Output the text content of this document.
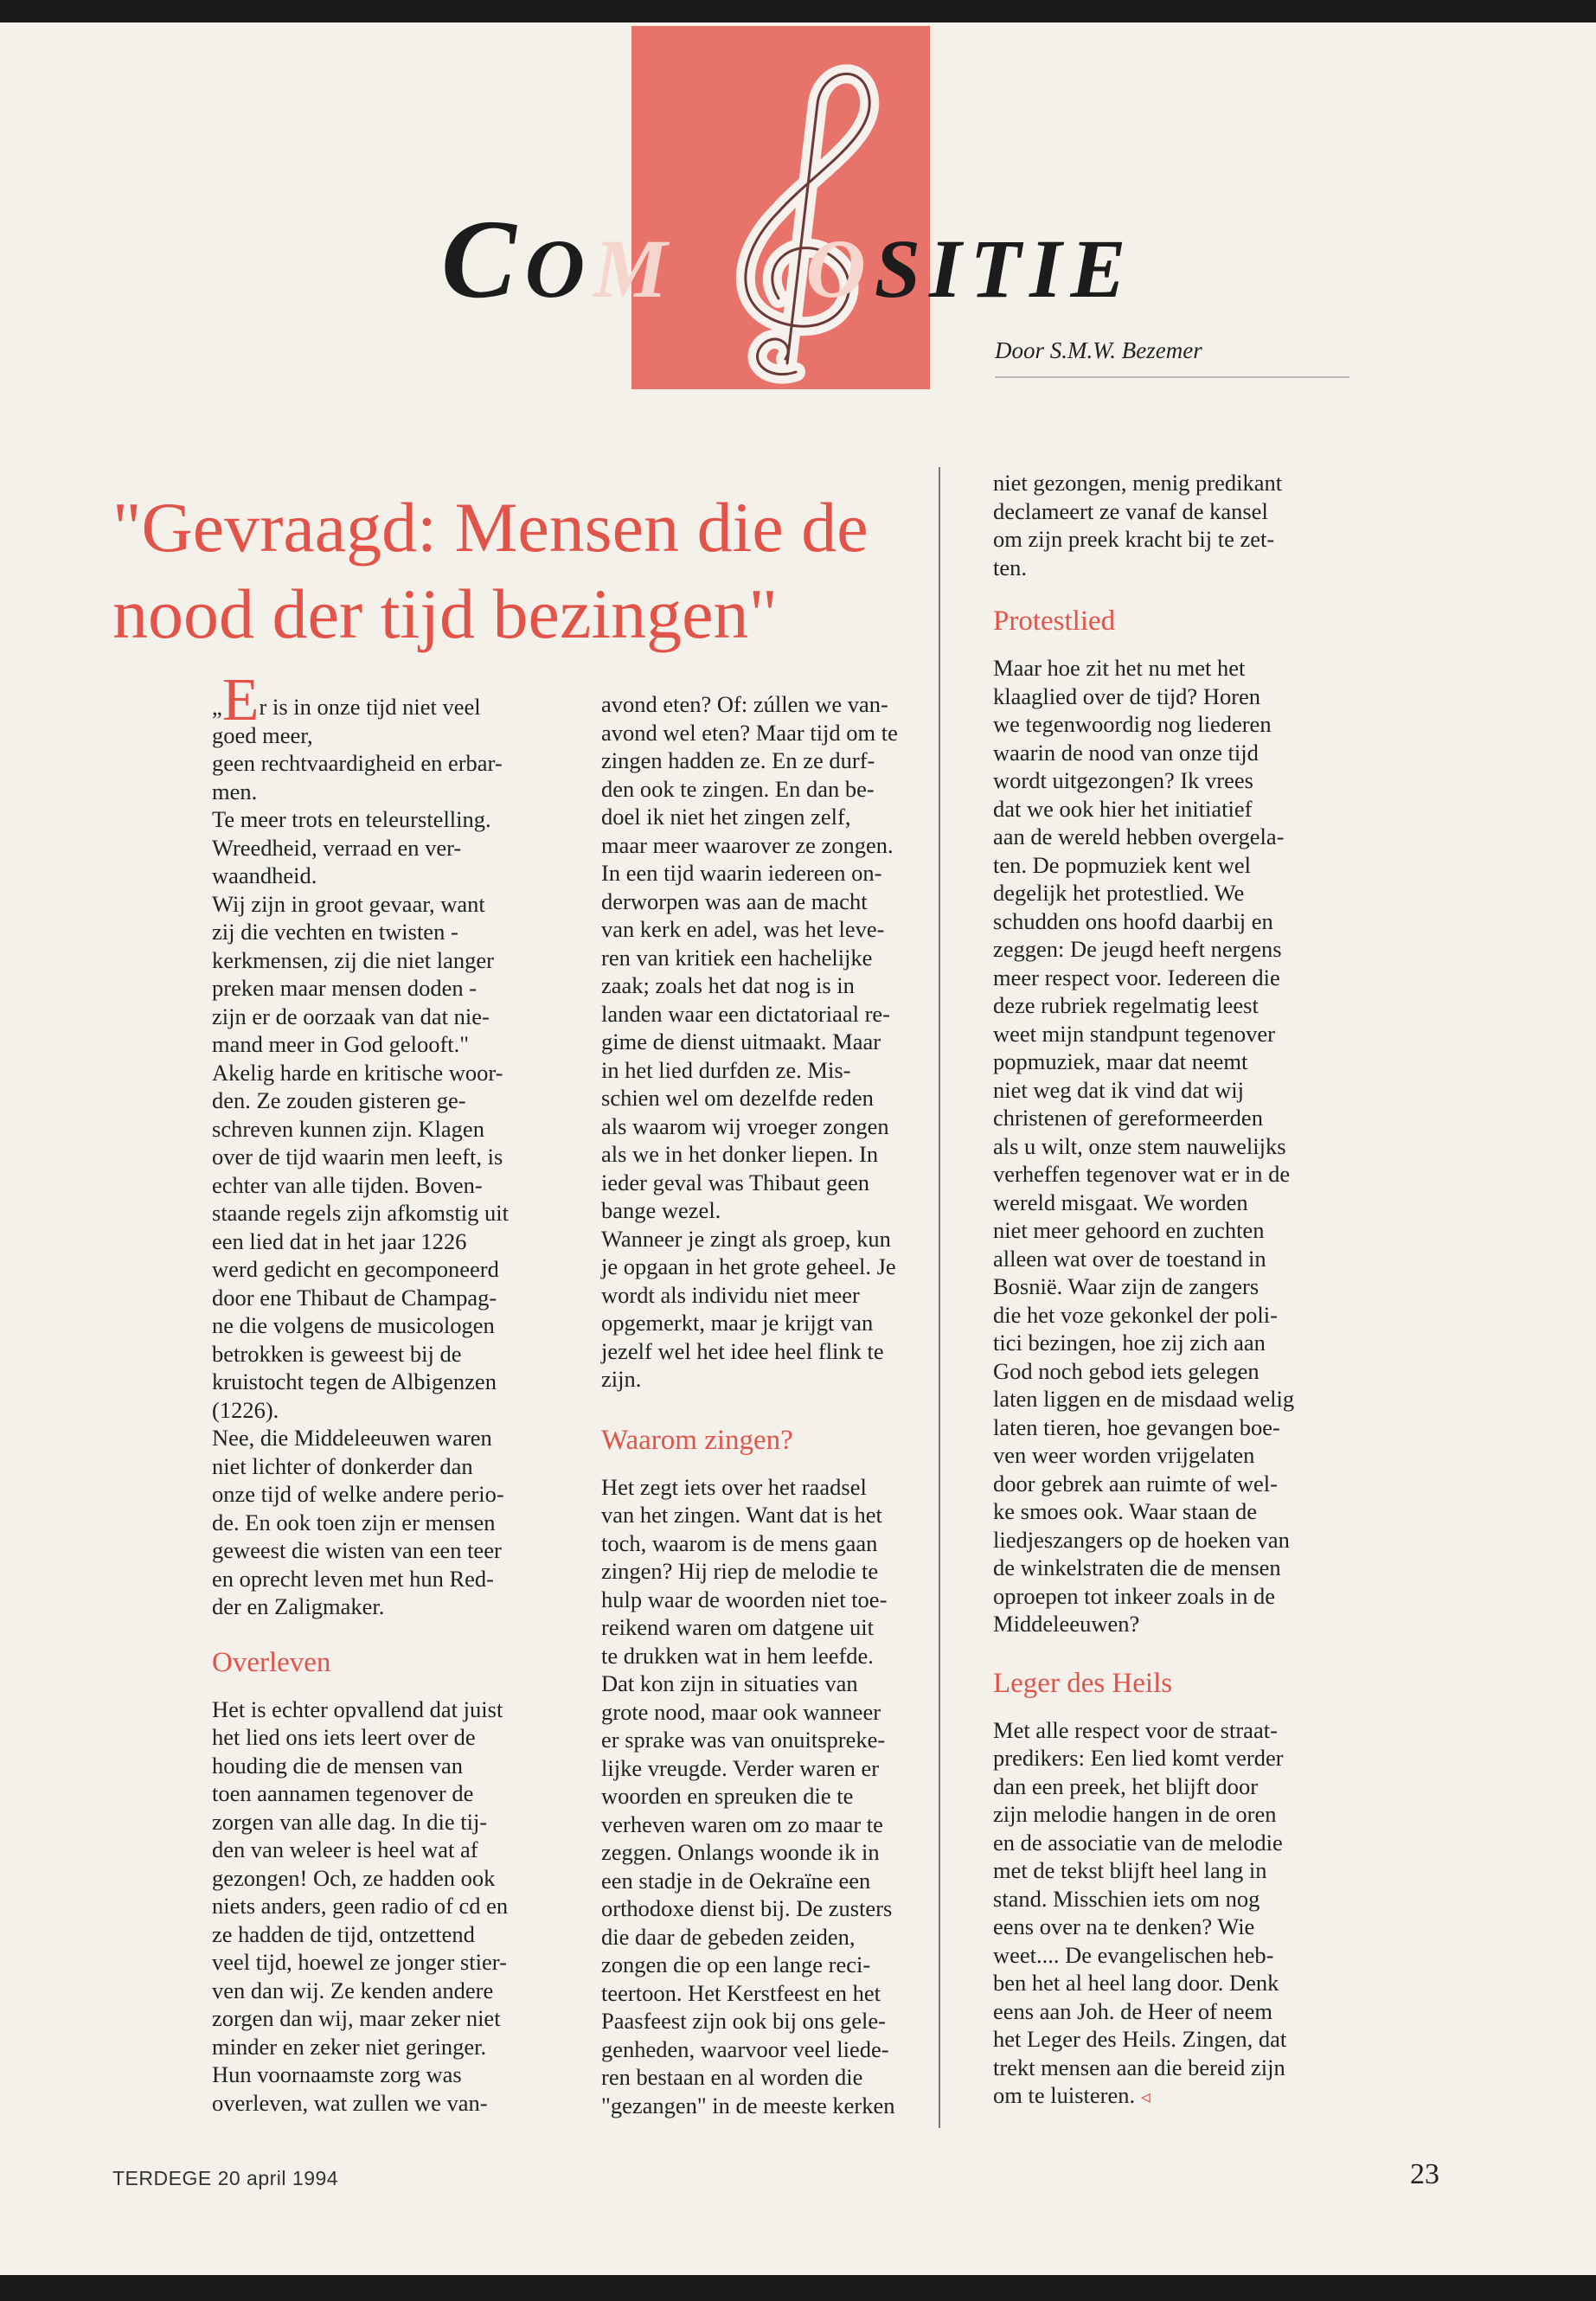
COM OSITIE
Door S.M.W. Bezemer
"Gevraagd: Mensen die de nood der tijd bezingen"

„Er is in onze tijd niet veel
goed meer,
geen rechtvaardigheid en erbar-
men.
Te meer trots en teleurstelling.
Wreedheid, verraad en ver-
waandheid.
Wij zijn in groot gevaar, want
zij die vechten en twisten -
kerkmensen, zij die niet langer
preken maar mensen doden -
zijn er de oorzaak van dat nie-
mand meer in God gelooft."
Akelig harde en kritische woor-
den. Ze zouden gisteren ge-
schreven kunnen zijn. Klagen
over de tijd waarin men leeft, is
echter van alle tijden. Boven-
staande regels zijn afkomstig uit
een lied dat in het jaar 1226
werd gedicht en gecomponeerd
door ene Thibaut de Champag-
ne die volgens de musicologen
betrokken is geweest bij de
kruistocht tegen de Albigenzen
(1226).
Nee, die Middeleeuwen waren
niet lichter of donkerder dan
onze tijd of welke andere perio-
de. En ook toen zijn er mensen
geweest die wisten van een teer
en oprecht leven met hun Red-
der en Zaligmaker.

Overleven

Het is echter opvallend dat juist
het lied ons iets leert over de
houding die de mensen van
toen aannamen tegenover de
zorgen van alle dag. In die tij-
den van weleer is heel wat af
gezongen! Och, ze hadden ook
niets anders, geen radio of cd en
ze hadden de tijd, ontzettend
veel tijd, hoewel ze jonger stier-
ven dan wij. Ze kenden andere
zorgen dan wij, maar zeker niet
minder en zeker niet geringer.
Hun voornaamste zorg was
overleven, wat zullen we van-

avond eten? Of: zúllen we van-
avond wel eten? Maar tijd om te
zingen hadden ze. En ze durf-
den ook te zingen. En dan be-
doel ik niet het zingen zelf,
maar meer waarover ze zongen.
In een tijd waarin iedereen on-
derworpen was aan de macht
van kerk en adel, was het leve-
ren van kritiek een hachelijke
zaak; zoals het dat nog is in
landen waar een dictatoriaal re-
gime de dienst uitmaakt. Maar
in het lied durfden ze. Mis-
schien wel om dezelfde reden
als waarom wij vroeger zongen
als we in het donker liepen. In
ieder geval was Thibaut geen
bange wezel.
Wanneer je zingt als groep, kun
je opgaan in het grote geheel. Je
wordt als individu niet meer
opgemerkt, maar je krijgt van
jezelf wel het idee heel flink te
zijn.

Waarom zingen?

Het zegt iets over het raadsel
van het zingen. Want dat is het
toch, waarom is de mens gaan
zingen? Hij riep de melodie te
hulp waar de woorden niet toe-
reikend waren om datgene uit
te drukken wat in hem leefde.
Dat kon zijn in situaties van
grote nood, maar ook wanneer
er sprake was van onuitspreke-
lijke vreugde. Verder waren er
woorden en spreuken die te
verheven waren om zo maar te
zeggen. Onlangs woonde ik in
een stadje in de Oekraïne een
orthodoxe dienst bij. De zusters
die daar de gebeden zeiden,
zongen die op een lange reci-
teertoon. Het Kerstfeest en het
Paasfeest zijn ook bij ons gele-
genheden, waarvoor veel liede-
ren bestaan en al worden die
"gezangen" in de meeste kerken

niet gezongen, menig predikant
declameert ze vanaf de kansel
om zijn preek kracht bij te zet-
ten.

Protestlied

Maar hoe zit het nu met het
klaaglied over de tijd? Horen
we tegenwoordig nog liederen
waarin de nood van onze tijd
wordt uitgezongen? Ik vrees
dat we ook hier het initiatief
aan de wereld hebben overgela-
ten. De popmuziek kent wel
degelijk het protestlied. We
schudden ons hoofd daarbij en
zeggen: De jeugd heeft nergens
meer respect voor. Iedereen die
deze rubriek regelmatig leest
weet mijn standpunt tegenover
popmuziek, maar dat neemt
niet weg dat ik vind dat wij
christenen of gereformeerden
als u wilt, onze stem nauwelijks
verheffen tegenover wat er in de
wereld misgaat. We worden
niet meer gehoord en zuchten
alleen wat over de toestand in
Bosnië. Waar zijn de zangers
die het voze gekonkel der poli-
tici bezingen, hoe zij zich aan
God noch gebod iets gelegen
laten liggen en de misdaad welig
laten tieren, hoe gevangen boe-
ven weer worden vrijgelaten
door gebrek aan ruimte of wel-
ke smoes ook. Waar staan de
liedjeszangers op de hoeken van
de winkelstraten die de mensen
oproepen tot inkeer zoals in de
Middeleeuwen?

Leger des Heils

Met alle respect voor de straat-
predikers: Een lied komt verder
dan een preek, het blijft door
zijn melodie hangen in de oren
en de associatie van de melodie
met de tekst blijft heel lang in
stand. Misschien iets om nog
eens over na te denken? Wie
weet.... De evangelischen heb-
ben het al heel lang door. Denk
eens aan Joh. de Heer of neem
het Leger des Heils. Zingen, dat
trekt mensen aan die bereid zijn
om te luisteren. ◃

TERDEGE 20 april 1994	23
